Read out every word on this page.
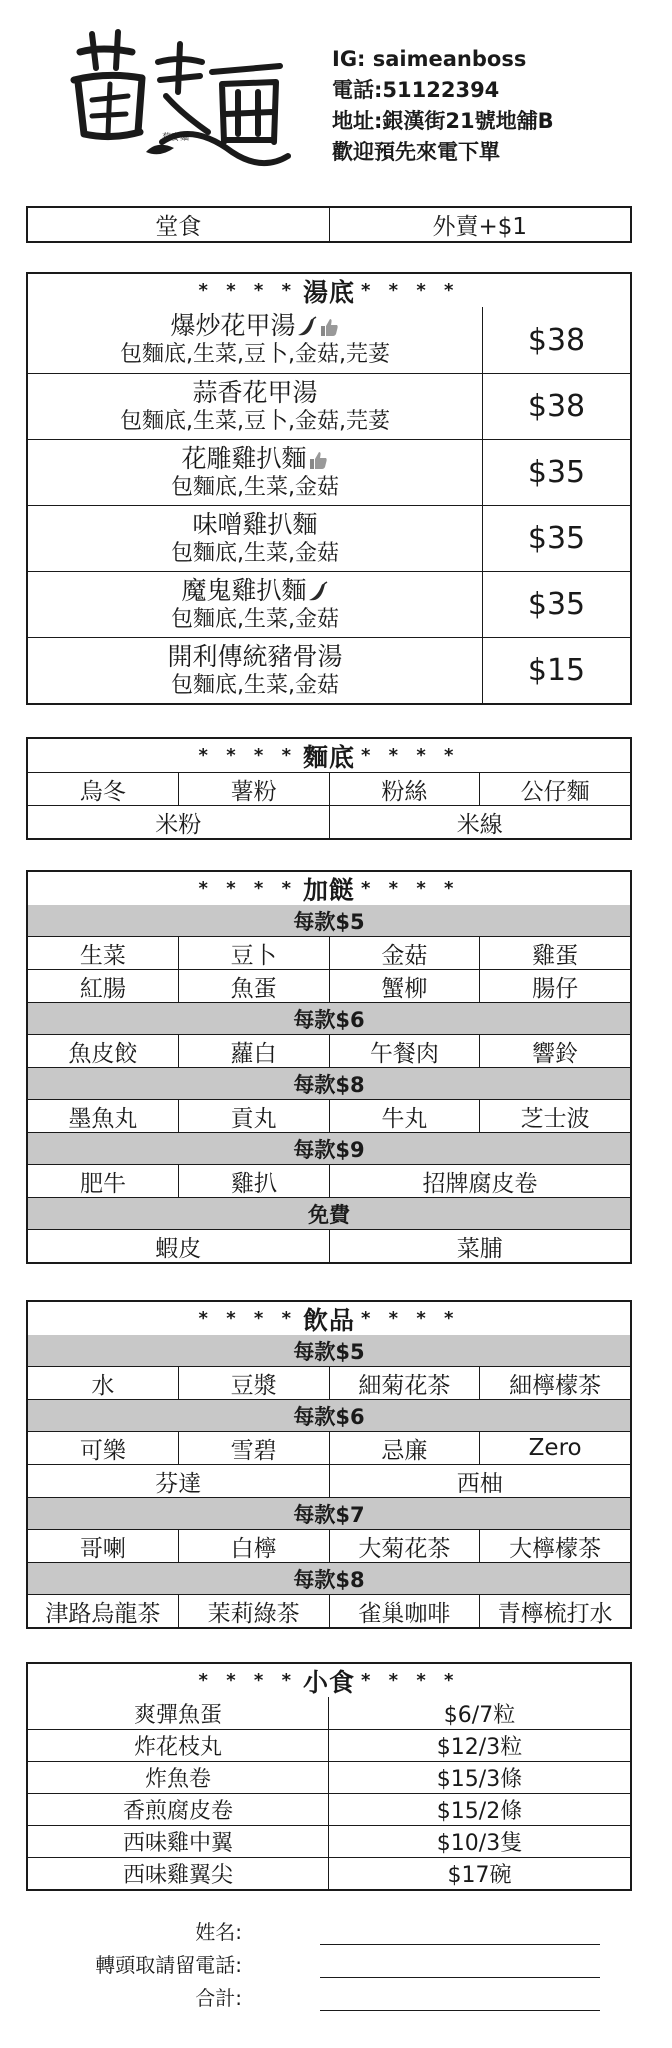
莓麥麵
IG: saimeanboss
電話:51122394
地址:銀漢街21號地舖B
歡迎預先來電下單
堂食	外賣+$1
* * * * 湯底 * * * *
爆炒花甲湯
包麵底,生菜,豆卜,金菇,芫荽	$38
蒜香花甲湯
包麵底,生菜,豆卜,金菇,芫荽	$38
花雕雞扒麵
包麵底,生菜,金菇	$35
味噌雞扒麵
包麵底,生菜,金菇	$35
魔鬼雞扒麵
包麵底,生菜,金菇	$35
開利傳統豬骨湯
包麵底,生菜,金菇	$15
* * * * 麵底 * * * *
烏冬	薯粉	粉絲	公仔麵
米粉	米線
* * * * 加餸 * * * *
每款$5
生菜	豆卜	金菇	雞蛋
紅腸	魚蛋	蟹柳	腸仔
每款$6
魚皮餃	蘿白	午餐肉	響鈴
每款$8
墨魚丸	貢丸	牛丸	芝士波
每款$9
肥牛	雞扒	招牌腐皮卷
免費
蝦皮	菜脯
* * * * 飲品 * * * *
每款$5
水	豆漿	細菊花茶	細檸檬茶
每款$6
可樂	雪碧	忌廉	Zero
芬達	西柚
每款$7
哥喇	白檸	大菊花茶	大檸檬茶
每款$8
津路烏龍茶	茉莉綠茶	雀巢咖啡	青檸梳打水
* * * * 小食 * * * *
爽彈魚蛋	$6/7粒
炸花枝丸	$12/3粒
炸魚卷	$15/3條
香煎腐皮卷	$15/2條
西味雞中翼	$10/3隻
西味雞翼尖	$17碗
姓名:
轉頭取請留電話:
合計:
